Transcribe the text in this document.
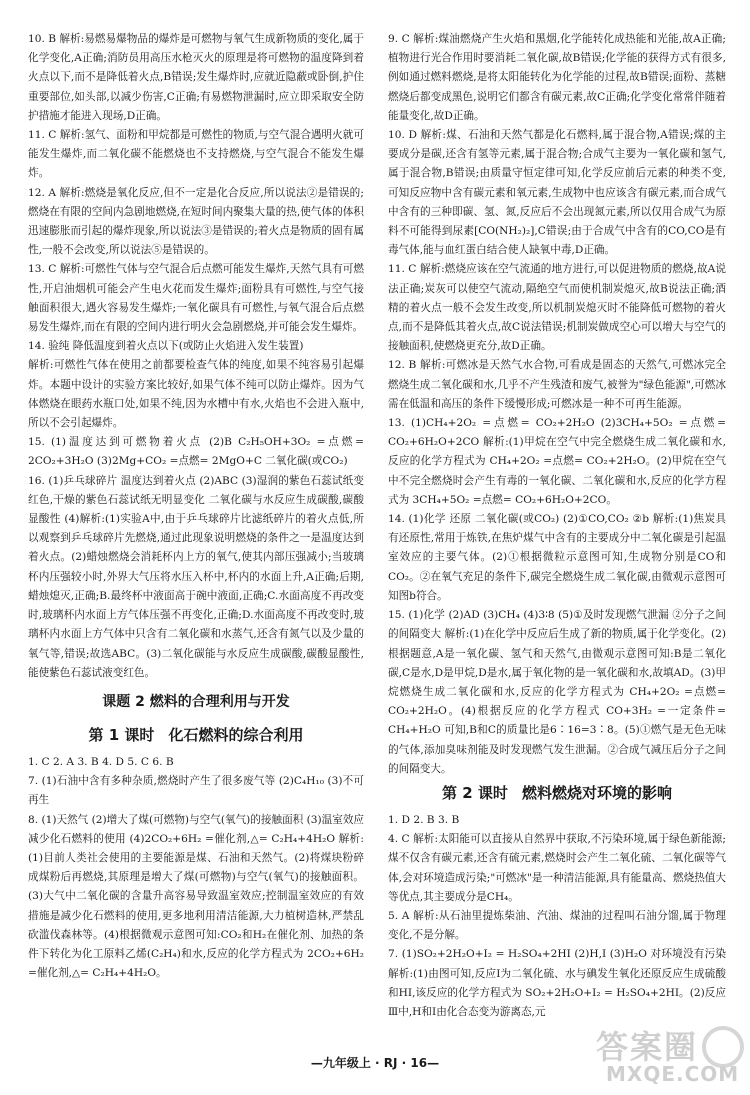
10. B 解析:易燃易爆物品的爆炸是可燃物与氧气生成新物质的变化,属于化学变化,A正确;消防员用高压水枪灭火的原理是将可燃物的温度降到着火点以下,而不是降低着火点,B错误;发生爆炸时,应就近隐蔽或卧倒,护住重要部位,如头部,以减少伤害,C正确;有易燃物泄漏时,应立即采取安全防护措施才能进入现场,D正确。

11. C 解析:氢气、面粉和甲烷都是可燃性的物质,与空气混合遇明火就可能发生爆炸,而二氧化碳不能燃烧也不支持燃烧,与空气混合不能发生爆炸。

12. A 解析:燃烧是氧化反应,但不一定是化合反应,所以说法②是错误的;燃烧在有限的空间内急剧地燃烧,在短时间内聚集大量的热,使气体的体积迅速膨胀而引起的爆炸现象,所以说法③是错误的;着火点是物质的固有属性,一般不会改变,所以说法⑤是错误的。

13. C 解析:可燃性气体与空气混合后点燃可能发生爆炸,天然气具有可燃性,开启油烟机可能会产生电火花而发生爆炸;面粉具有可燃性,与空气接触面积很大,遇火容易发生爆炸;一氧化碳具有可燃性,与氧气混合后点燃易发生爆炸,而在有限的空间内进行明火会急剧燃烧,并可能会发生爆炸。

14. 验纯 降低温度到着火点以下(或防止火焰进入发生装置)

解析:可燃性气体在使用之前都要检查气体的纯度,如果不纯容易引起爆炸。本题中设计的实验方案比较好,如果气体不纯可以防止爆炸。因为气体燃烧在眼药水瓶口处,如果不纯,因为水槽中有水,火焰也不会进入瓶中,所以不会引起爆炸。

15. (1)温度达到可燃物着火点 (2)B C₂H₅OH+3O₂ =点燃= 2CO₂+3H₂O (3)2Mg+CO₂ =点燃= 2MgO+C 二氧化碳(或CO₂)

16. (1)乒乓球碎片 温度达到着火点 (2)ABC (3)湿润的紫色石蕊试纸变红色,干燥的紫色石蕊试纸无明显变化 二氧化碳与水反应生成碳酸,碳酸显酸性 (4)解析:(1)实验A中,由于乒乓球碎片比滤纸碎片的着火点低,所以观察到乒乓球碎片先燃烧,通过此现象说明燃烧的条件之一是温度达到着火点。(2)蜡烛燃烧会消耗杯内上方的氧气,使其内部压强减小;当玻璃杯内压强较小时,外界大气压将水压入杯中,杯内的水面上升,A正确;后期,蜡烛熄灭,正确;B.最终杯中液面高于碗中液面,正确;C.水面高度不再改变时,玻璃杯内水面上方气体压强不再变化,正确;D.水面高度不再改变时,玻璃杯内水面上方气体中只含有二氧化碳和水蒸气,还含有氮气以及少量的氧气等,错误;故选ABC。(3)二氧化碳能与水反应生成碳酸,碳酸显酸性,能使紫色石蕊试液变红色。

课题 2 燃料的合理利用与开发
第 1 课时 化石燃料的综合利用

1. C 2. A 3. B 4. D 5. C 6. B

7. (1)石油中含有多种杂质,燃烧时产生了很多废气等 (2)C₄H₁₀ (3)不可再生

8. (1)天然气 (2)增大了煤(可燃物)与空气(氧气)的接触面积 (3)温室效应 减少化石燃料的使用 (4)2CO₂+6H₂ =催化剂,△= C₂H₄+4H₂O 解析:(1)目前人类社会使用的主要能源是煤、石油和天然气。(2)将煤块粉碎成煤粉后再燃烧,其原理是增大了煤(可燃物)与空气(氧气)的接触面积。(3)大气中二氧化碳的含量升高容易导致温室效应;控制温室效应的有效措施是减少化石燃料的使用,更多地利用清洁能源,大力植树造林,严禁乱砍滥伐森林等。(4)根据微观示意图可知:CO₂和H₂在催化剂、加热的条件下转化为化工原料乙烯(C₂H₄)和水,反应的化学方程式为 2CO₂+6H₂ =催化剂,△= C₂H₄+4H₂O。

9. C 解析:煤油燃烧产生火焰和黑烟,化学能转化成热能和光能,故A正确;植物进行光合作用时要消耗二氧化碳,故B错误;化学能的获得方式有很多,例如通过燃料燃烧,是将太阳能转化为化学能的过程,故B错误;面粉、蒸糖燃烧后都变成黑色,说明它们都含有碳元素,故C正确;化学变化常常伴随着能量变化,故D正确。

10. D 解析:煤、石油和天然气都是化石燃料,属于混合物,A错误;煤的主要成分是碳,还含有氢等元素,属于混合物;合成气主要为一氧化碳和氢气,属于混合物,B错误;由质量守恒定律可知,化学反应前后元素的种类不变,可知反应物中含有碳元素和氧元素,生成物中也应该含有碳元素,而合成气中含有的三种即碳、氢、氮,反应后不会出现氮元素,所以仅用合成气为原料不可能得到尿素[CO(NH₂)₂],C错误;由于合成气中含有的CO,CO是有毒气体,能与血红蛋白结合使人缺氧中毒,D正确。

11. C 解析:燃烧应该在空气流通的地方进行,可以促进物质的燃烧,故A说法正确;炭灰可以使空气流动,隔绝空气而使机制炭熄灭,故B说法正确;酒精的着火点一般不会发生改变,所以机制炭熄灭时不能降低可燃物的着火点,而不是降低其着火点,故C说法错误;机制炭做成空心可以增大与空气的接触面积,使燃烧更充分,故D正确。

12. B 解析:可燃冰是天然气水合物,可看成是固态的天然气,可燃冰完全燃烧生成二氧化碳和水,几乎不产生残渣和废气,被誉为"绿色能源",可燃冰需在低温和高压的条件下缓慢形成;可燃冰是一种不可再生能源。

13. (1)CH₄+2O₂ =点燃= CO₂+2H₂O (2)3CH₄+5O₂ =点燃= CO₂+6H₂O+2CO 解析:(1)甲烷在空气中完全燃烧生成二氧化碳和水,反应的化学方程式为 CH₄+2O₂ =点燃= CO₂+2H₂O。(2)甲烷在空气中不完全燃烧时会产生有毒的一氧化碳、二氧化碳和水,反应的化学方程式为 3CH₄+5O₂ =点燃= CO₂+6H₂O+2CO。

14. (1)化学 还原 二氧化碳(或CO₂) (2)①CO,CO₂ ②b 解析:(1)焦炭具有还原性,常用于炼铁,在焦炉煤气中含有的主要成分中二氧化碳是引起温室效应的主要气体。(2)①根据微粒示意图可知,生成物分别是CO和CO₂。②在氧气充足的条件下,碳完全燃烧生成二氧化碳,由微观示意图可知图b符合。

15. (1)化学 (2)AD (3)CH₄ (4)3∶8 (5)①及时发现燃气泄漏 ②分子之间的间隔变大 解析:(1)在化学中反应后生成了新的物质,属于化学变化。(2)根据题意,A是一氧化碳、氢气和天然气,由微观示意图可知:B是二氧化碳,C是水,D是甲烷,D是水,属于氧化物的是一氧化碳和水,故填AD。(3)甲烷燃烧生成二氧化碳和水,反应的化学方程式为 CH₄+2O₂ =点燃= CO₂+2H₂O。(4)根据反应的化学方程式 CO+3H₂ =一定条件= CH₄+H₂O 可知,B和C的质量比是6∶16=3∶8。(5)①燃气是无色无味的气体,添加臭味剂能及时发现燃气发生泄漏。②合成气减压后分子之间的间隔变大。

第 2 课时 燃料燃烧对环境的影响

1. D 2. B 3. B

4. C 解析:太阳能可以直接从自然界中获取,不污染环境,属于绿色新能源;煤不仅含有碳元素,还含有硫元素,燃烧时会产生二氧化硫、二氧化碳等气体,会对环境造成污染;"可燃冰"是一种清洁能源,具有能量高、燃烧热值大等优点,其主要成分是CH₄。

5. A 解析:从石油里提炼柴油、汽油、煤油的过程叫石油分馏,属于物理变化,不是分解。

7. (1)SO₂+2H₂O+I₂ = H₂SO₄+2HI (2)H,I (3)H₂O 对环境没有污染 解析:(1)由图可知,反应Ⅰ为二氧化硫、水与碘发生氧化还原反应生成硫酸和HI,该反应的化学方程式为 SO₂+2H₂O+I₂ = H₂SO₄+2HI。(2)反应Ⅲ中,H和I由化合态变为游离态,元

—九年级上 · RJ · 16—	答案圈
MXQE.COM
